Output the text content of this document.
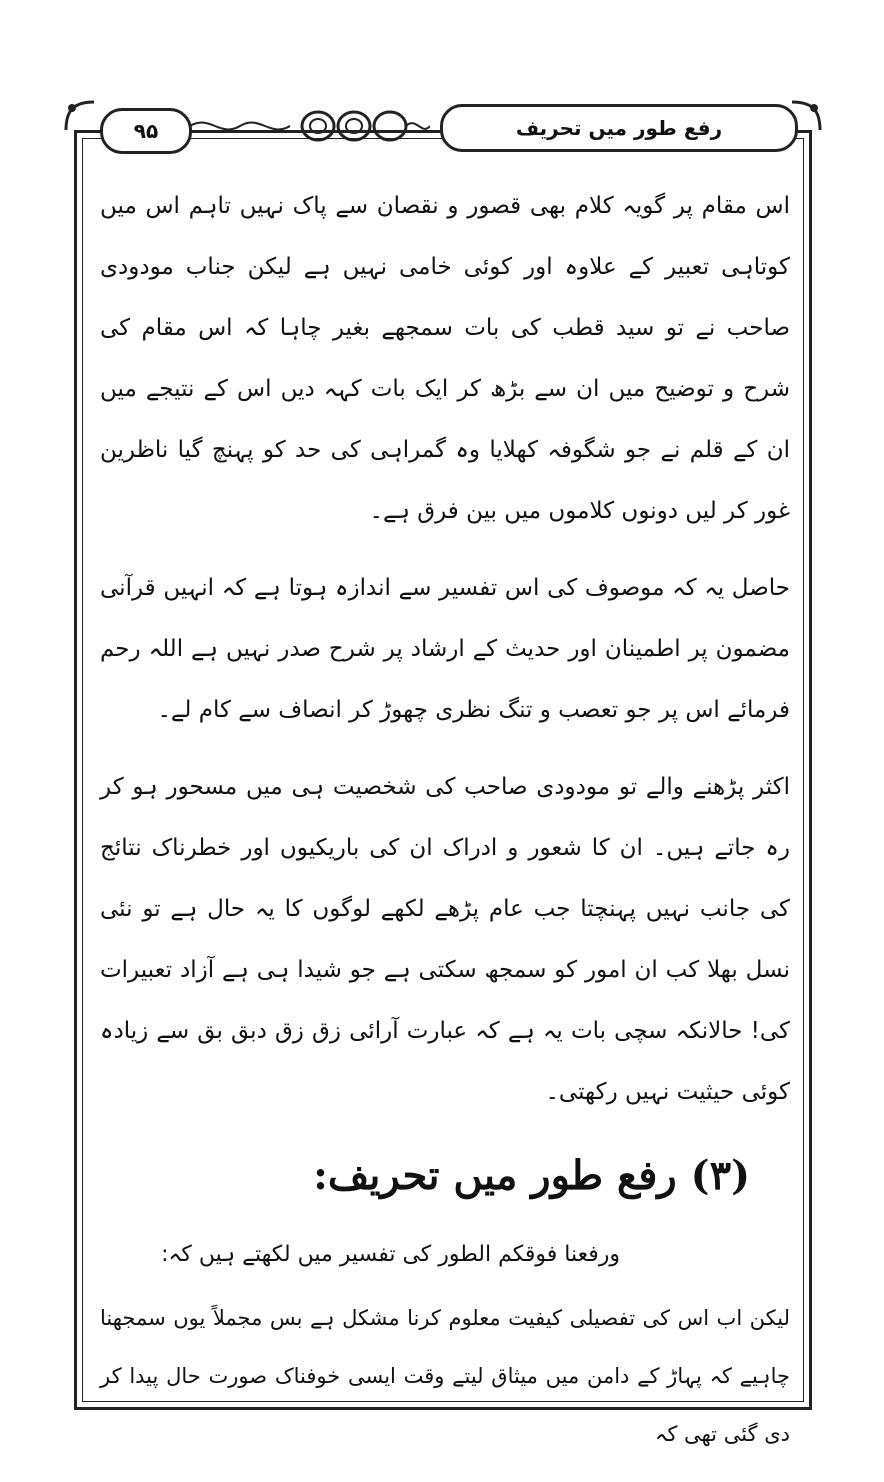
۹۵	رفع طور میں تحریف

اس مقام پر گویہ کلام بھی قصور و نقصان سے پاک نہیں تاہم اس میں کوتاہی تعبیر کے علاوہ اور کوئی خامی نہیں ہے لیکن جناب مودودی صاحب نے تو سید قطب کی بات سمجھے بغیر چاہا کہ اس مقام کی شرح و توضیح میں ان سے بڑھ کر ایک بات کہہ دیں اس کے نتیجے میں ان کے قلم نے جو شگوفہ کھلایا وہ گمراہی کی حد کو پہنچ گیا ناظرین غور کر لیں دونوں کلاموں میں بین فرق ہے۔

حاصل یہ کہ موصوف کی اس تفسیر سے اندازہ ہوتا ہے کہ انہیں قرآنی مضمون پر اطمینان اور حدیث کے ارشاد پر شرح صدر نہیں ہے اللہ رحم فرمائے اس پر جو تعصب و تنگ نظری چھوڑ کر انصاف سے کام لے۔

اکثر پڑھنے والے تو مودودی صاحب کی شخصیت ہی میں مسحور ہو کر رہ جاتے ہیں۔ ان کا شعور و ادراک ان کی باریکیوں اور خطرناک نتائج کی جانب نہیں پہنچتا جب عام پڑھے لکھے لوگوں کا یہ حال ہے تو نئی نسل بھلا کب ان امور کو سمجھ سکتی ہے جو شیدا ہی ہے آزاد تعبیرات کی! حالانکہ سچی بات یہ ہے کہ عبارت آرائی زق زق دبق بق سے زیادہ کوئی حیثیت نہیں رکھتی۔

(۳) رفع طور میں تحریف:

ورفعنا فوقکم الطور کی تفسیر میں لکھتے ہیں کہ:

لیکن اب اس کی تفصیلی کیفیت معلوم کرنا مشکل ہے بس مجملاً یوں سمجھنا چاہیے کہ پہاڑ کے دامن میں میثاق لیتے وقت ایسی خوفناک صورت حال پیدا کر دی گئی تھی کہ
